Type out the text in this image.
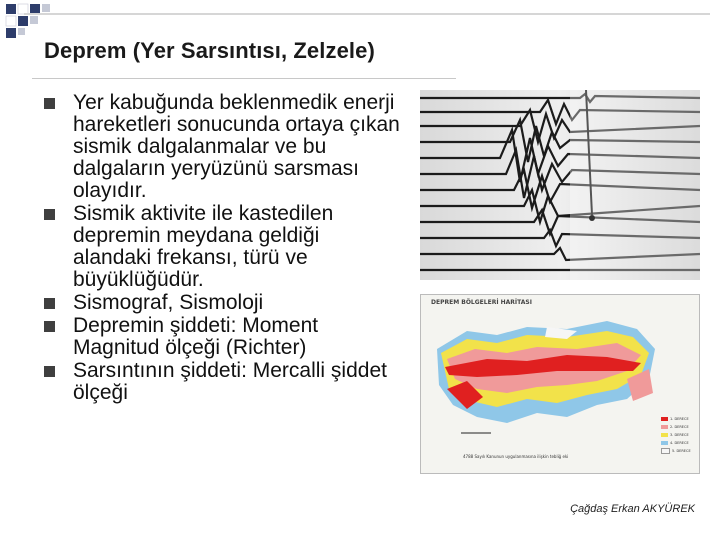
Deprem (Yer Sarsıntısı, Zelzele)
Yer kabuğunda beklenmedik enerji hareketleri sonucunda ortaya çıkan sismik dalgalanmalar ve bu dalgaların yeryüzünü sarsması olayıdır.
Sismik aktivite ile kastedilen depremin meydana geldiği alandaki frekansı, türü ve büyüklüğüdür.
Sismograf, Sismoloji
Depremin şiddeti: Moment Magnitud ölçeği (Richter)
Sarsıntının şiddeti: Mercalli şiddet ölçeği
DEPREM BÖLGELERİ HARİTASI
1. DERECE
2. DERECE
3. DERECE
4. DERECE
5. DERECE
4788 Sayılı Kanunun uygulanmasına ilişkin tebliğ eki
Çağdaş Erkan AKYÜREK
